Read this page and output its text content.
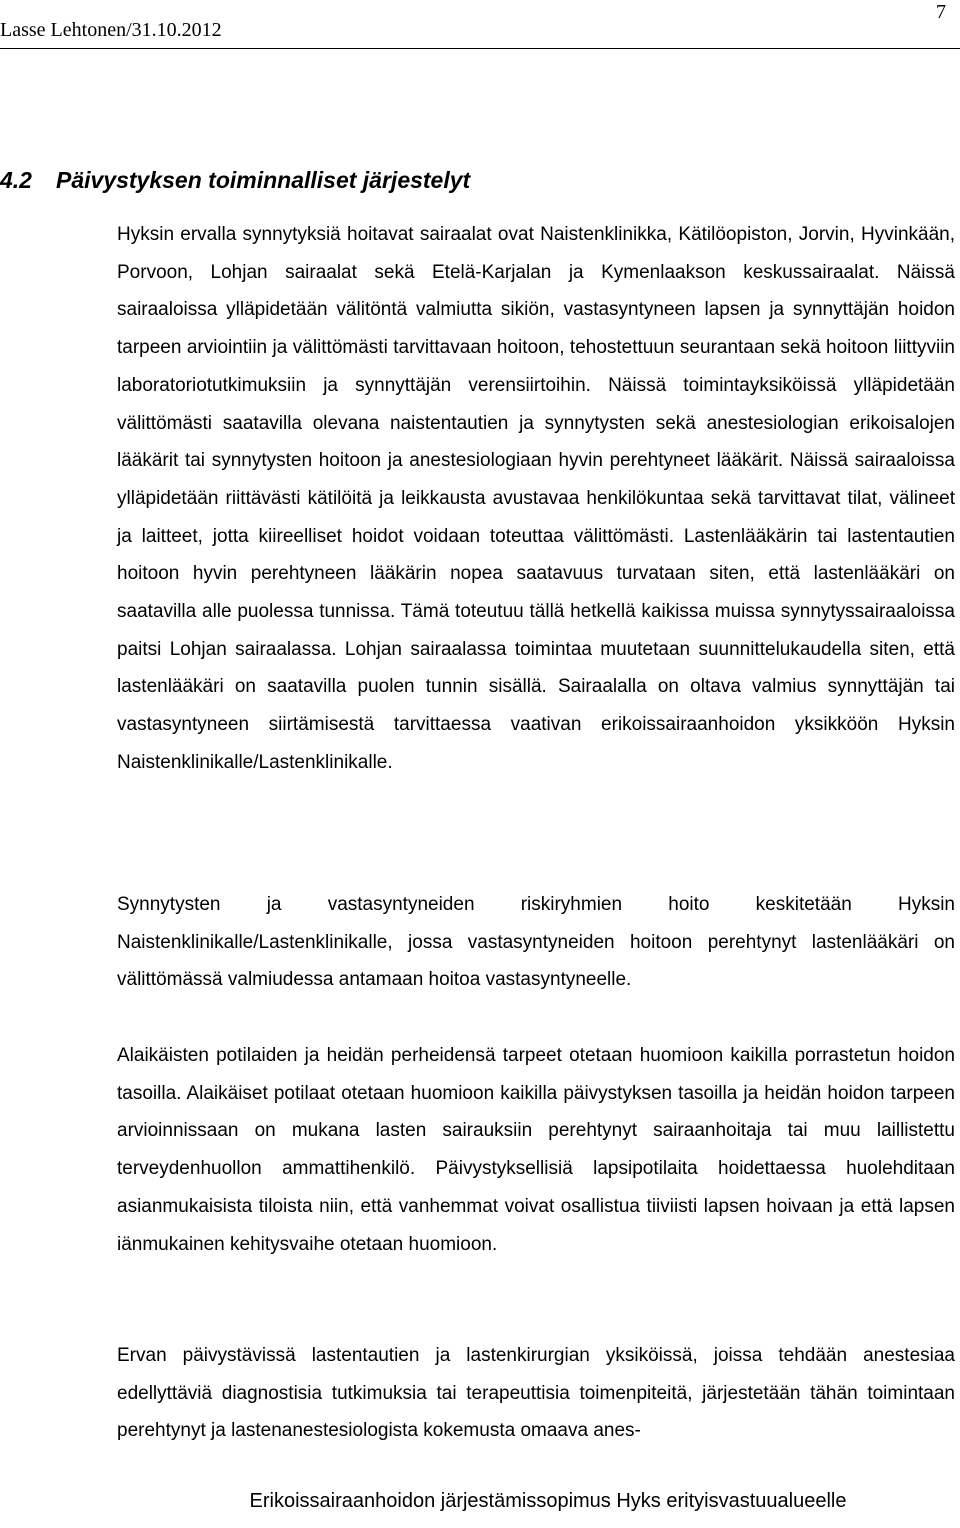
Lasse Lehtonen/31.10.2012
7
4.2 Päivystyksen toiminnalliset järjestelyt

Hyksin ervalla synnytyksiä hoitavat sairaalat ovat Naistenklinikka, Kätilöopiston, Jorvin, Hyvinkään, Porvoon, Lohjan sairaalat sekä Etelä-Karjalan ja Kymenlaakson keskussairaalat. Näissä sairaaloissa ylläpidetään välitöntä valmiutta sikiön, vastasyntyneen lapsen ja synnyttäjän hoidon tarpeen arviointiin ja välittömästi tarvittavaan hoitoon, tehostettuun seurantaan sekä hoitoon liittyviin laboratoriotutkimuksiin ja synnyttäjän verensiirtoihin. Näissä toimintayksiköissä ylläpidetään välittömästi saatavilla olevana naistentautien ja synnytysten sekä anestesiologian erikoisalojen lääkärit tai synnytysten hoitoon ja anestesiologiaan hyvin perehtyneet lääkärit. Näissä sairaaloissa ylläpidetään riittävästi kätilöitä ja leikkausta avustavaa henkilökuntaa sekä tarvittavat tilat, välineet ja laitteet, jotta kiireelliset hoidot voidaan toteuttaa välittömästi. Lastenlääkärin tai lastentautien hoitoon hyvin perehtyneen lääkärin nopea saatavuus turvataan siten, että lastenlääkäri on saatavilla alle puolessa tunnissa. Tämä toteutuu tällä hetkellä kaikissa muissa synnytyssairaaloissa paitsi Lohjan sairaalassa. Lohjan sairaalassa toimintaa muutetaan suunnittelukaudella siten, että lastenlääkäri on saatavilla puolen tunnin sisällä. Sairaalalla on oltava valmius synnyttäjän tai vastasyntyneen siirtämisestä tarvittaessa vaativan erikoissairaanhoidon yksikköön Hyksin Naistenklinikalle/Lastenklinikalle.

Synnytysten ja vastasyntyneiden riskiryhmien hoito keskitetään Hyksin Naistenklinikalle/Lastenklinikalle, jossa vastasyntyneiden hoitoon perehtynyt lastenlääkäri on välittömässä valmiudessa antamaan hoitoa vastasyntyneelle.

Alaikäisten potilaiden ja heidän perheidensä tarpeet otetaan huomioon kaikilla porrastetun hoidon tasoilla. Alaikäiset potilaat otetaan huomioon kaikilla päivystyksen tasoilla ja heidän hoidon tarpeen arvioinnissaan on mukana lasten sairauksiin perehtynyt sairaanhoitaja tai muu laillistettu terveydenhuollon ammattihenkilö. Päivystyksellisiä lapsipotilaita hoidettaessa huolehditaan asianmukaisista tiloista niin, että vanhemmat voivat osallistua tiiviisti lapsen hoivaan ja että lapsen iänmukainen kehitysvaihe otetaan huomioon.

Ervan päivystävissä lastentautien ja lastenkirurgian yksiköissä, joissa tehdään anestesiaa edellyttäviä diagnostisia tutkimuksia tai terapeuttisia toimenpiteitä, järjestetään tähän toimintaan perehtynyt ja lastenanestesiologista kokemusta omaava anes-

Erikoissairaanhoidon järjestämissopimus Hyks erityisvastuualueelle
